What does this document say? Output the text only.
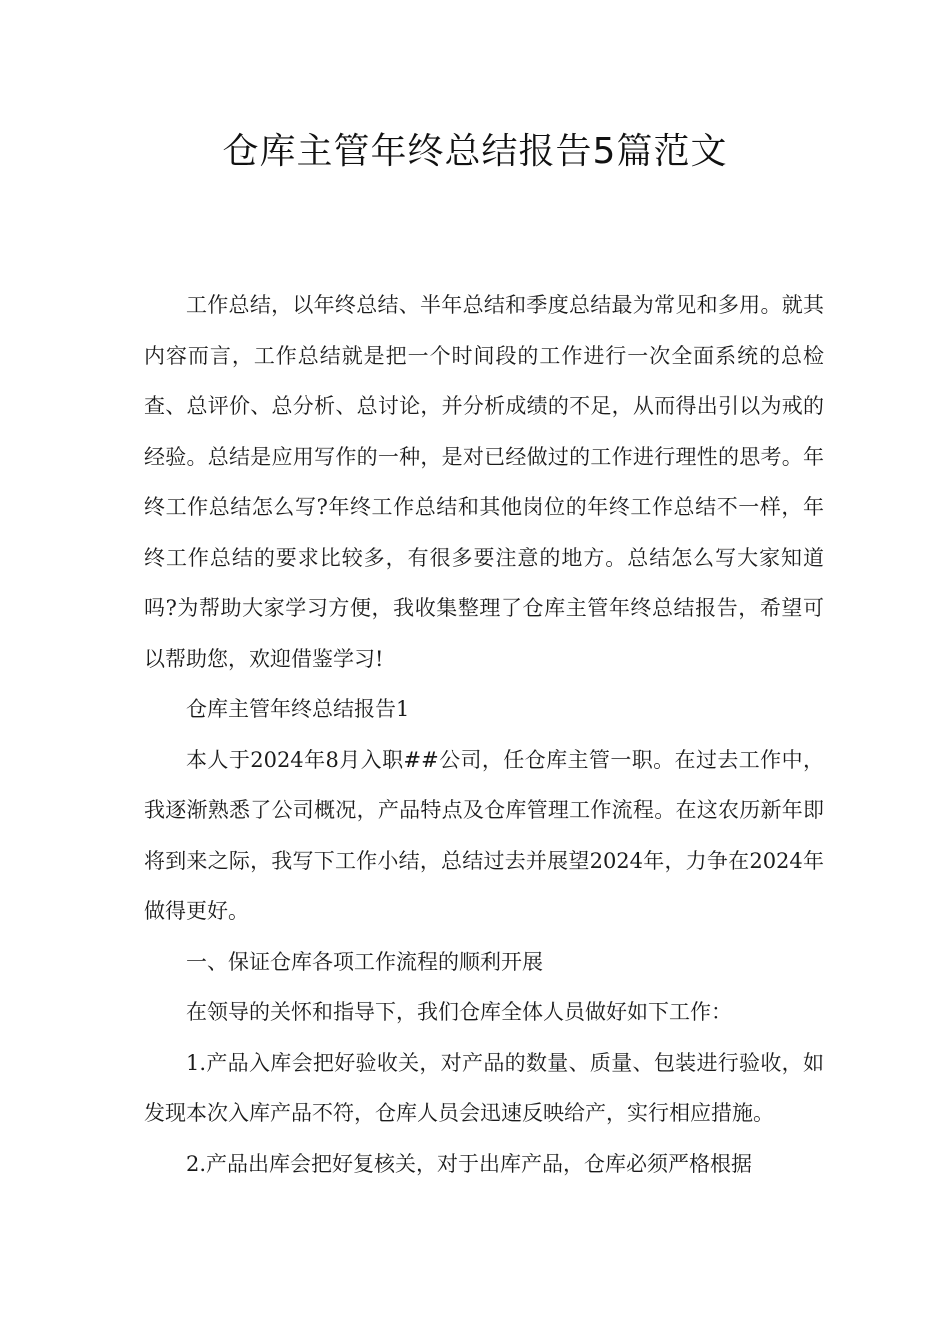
仓库主管年终总结报告5篇范文

工作总结，以年终总结、半年总结和季度总结最为常见和多用。就其内容而言，工作总结就是把一个时间段的工作进行一次全面系统的总检查、总评价、总分析、总讨论，并分析成绩的不足，从而得出引以为戒的经验。总结是应用写作的一种，是对已经做过的工作进行理性的思考。年终工作总结怎么写?年终工作总结和其他岗位的年终工作总结不一样，年终工作总结的要求比较多，有很多要注意的地方。总结怎么写大家知道吗?为帮助大家学习方便，我收集整理了仓库主管年终总结报告，希望可以帮助您，欢迎借鉴学习!

仓库主管年终总结报告1

本人于2024年8月入职##公司，任仓库主管一职。在过去工作中，我逐渐熟悉了公司概况，产品特点及仓库管理工作流程。在这农历新年即将到来之际，我写下工作小结，总结过去并展望2024年，力争在2024年做得更好。

一、保证仓库各项工作流程的顺利开展

在领导的关怀和指导下，我们仓库全体人员做好如下工作：

1.产品入库会把好验收关，对产品的数量、质量、包装进行验收，如发现本次入库产品不符，仓库人员会迅速反映给产，实行相应措施。

2.产品出库会把好复核关，对于出库产品，仓库必须严格根据
